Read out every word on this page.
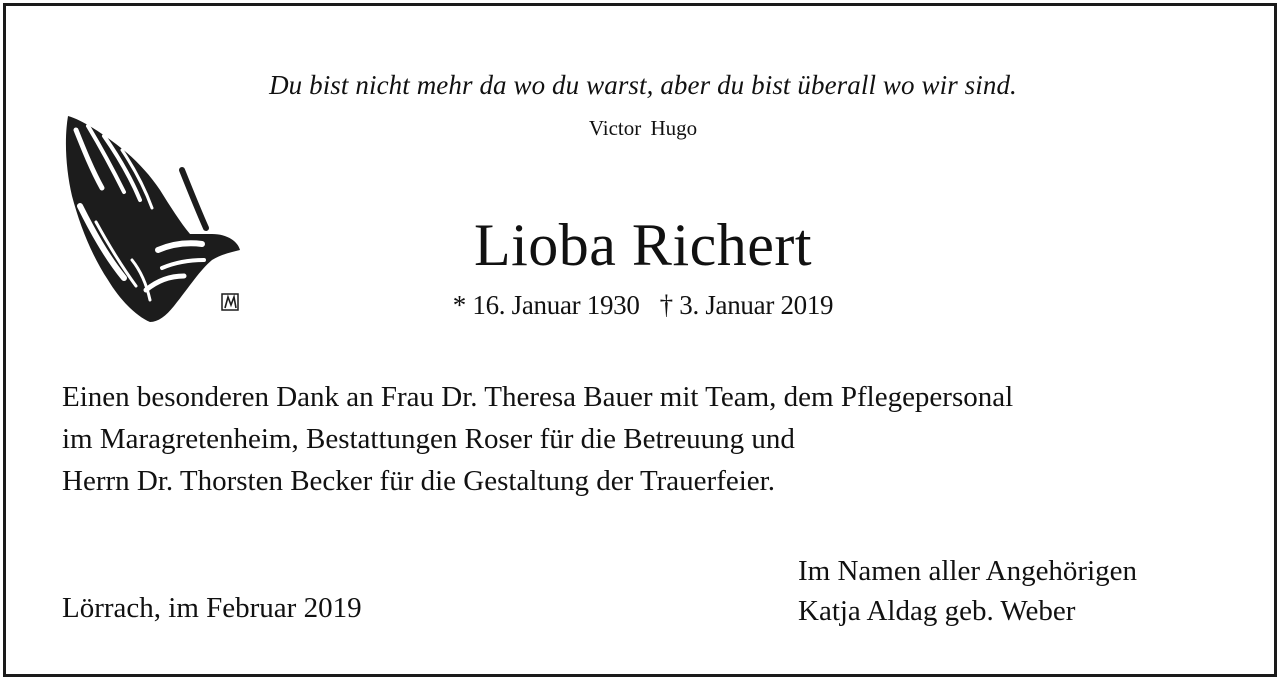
Du bist nicht mehr da wo du warst, aber du bist überall wo wir sind.
Victor Hugo
Lioba Richert
* 16. Januar 1930 † 3. Januar 2019
Einen besonderen Dank an Frau Dr. Theresa Bauer mit Team, dem Pflegepersonal
im Maragretenheim, Bestattungen Roser für die Betreuung und
Herrn Dr. Thorsten Becker für die Gestaltung der Trauerfeier.
Lörrach, im Februar 2019
Im Namen aller Angehörigen
Katja Aldag geb. Weber
